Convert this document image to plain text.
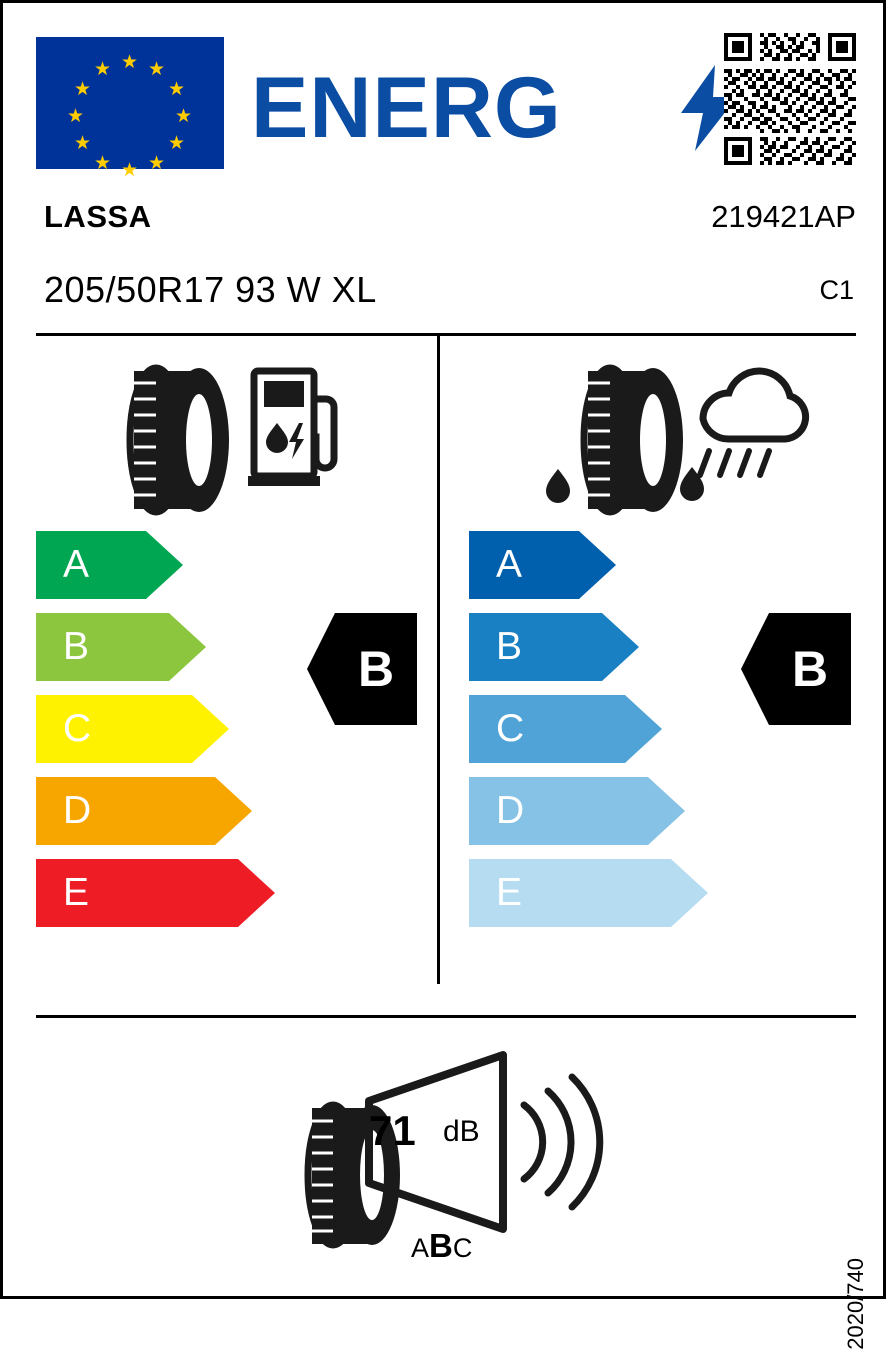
★ ★
★
★
★
★
★
★
★
★
★
★ ENERG
LASSA	219421AP
205/50R17 93 W XL	C1
A
B
C
D
E
A
B
C
D
E
B	B
71 dB
ABC
2020/740
